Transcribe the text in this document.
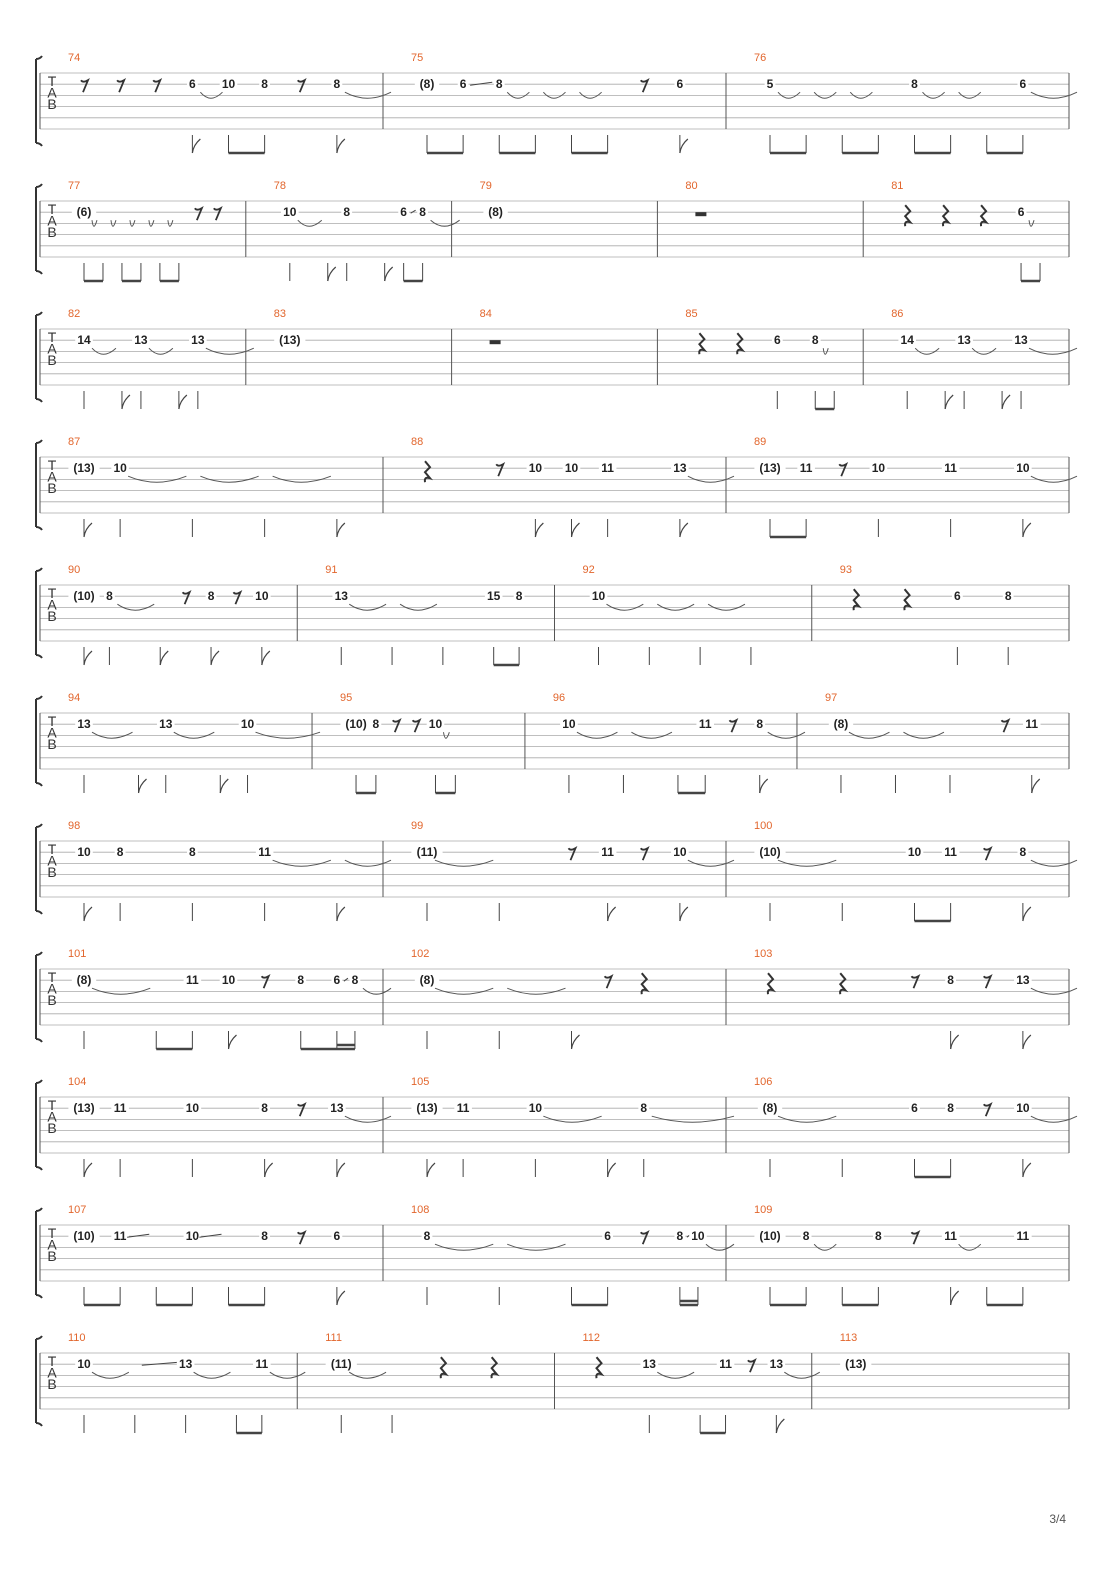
T
A
B
74
6 10 8	8
75
(8) 6 8	6
76
5	8	6
T
A
B
77
(6)
78
10	8	6 8
79
(8)
80	81
6
T
A
B
82
14	13	13
83
(13)
84	85
6	8
86
14	13	13
T
A
B
87
(13) 10
88
10 10 11	13
89
(13) 11	10	11	10
T
A
B
90
(10) 8	8	10
91
13	15 8
92
10
93
6	8
T
A
B
94
13	13	10
95
(10) 8	10
96
10	11	8
97
(8)	11
T
A
B
98
10 8	8	11
99
(11)	11	10
100
(10)	10 11	8
T
A
B
101
(8)	11 10	8 6 8
102
(8)
103
8	13
T
A
B
104
(13) 11	10	8	13
105
(13) 11	10	8
106
(8)	6 8	10
T
A
B
107
(10) 11	10	8	6
108
8	6	8 10
109
(10) 8	8	11	11
T
A
B
110
10	13	11
111
(11)
112
13	11	13
113
(13)
3/4
